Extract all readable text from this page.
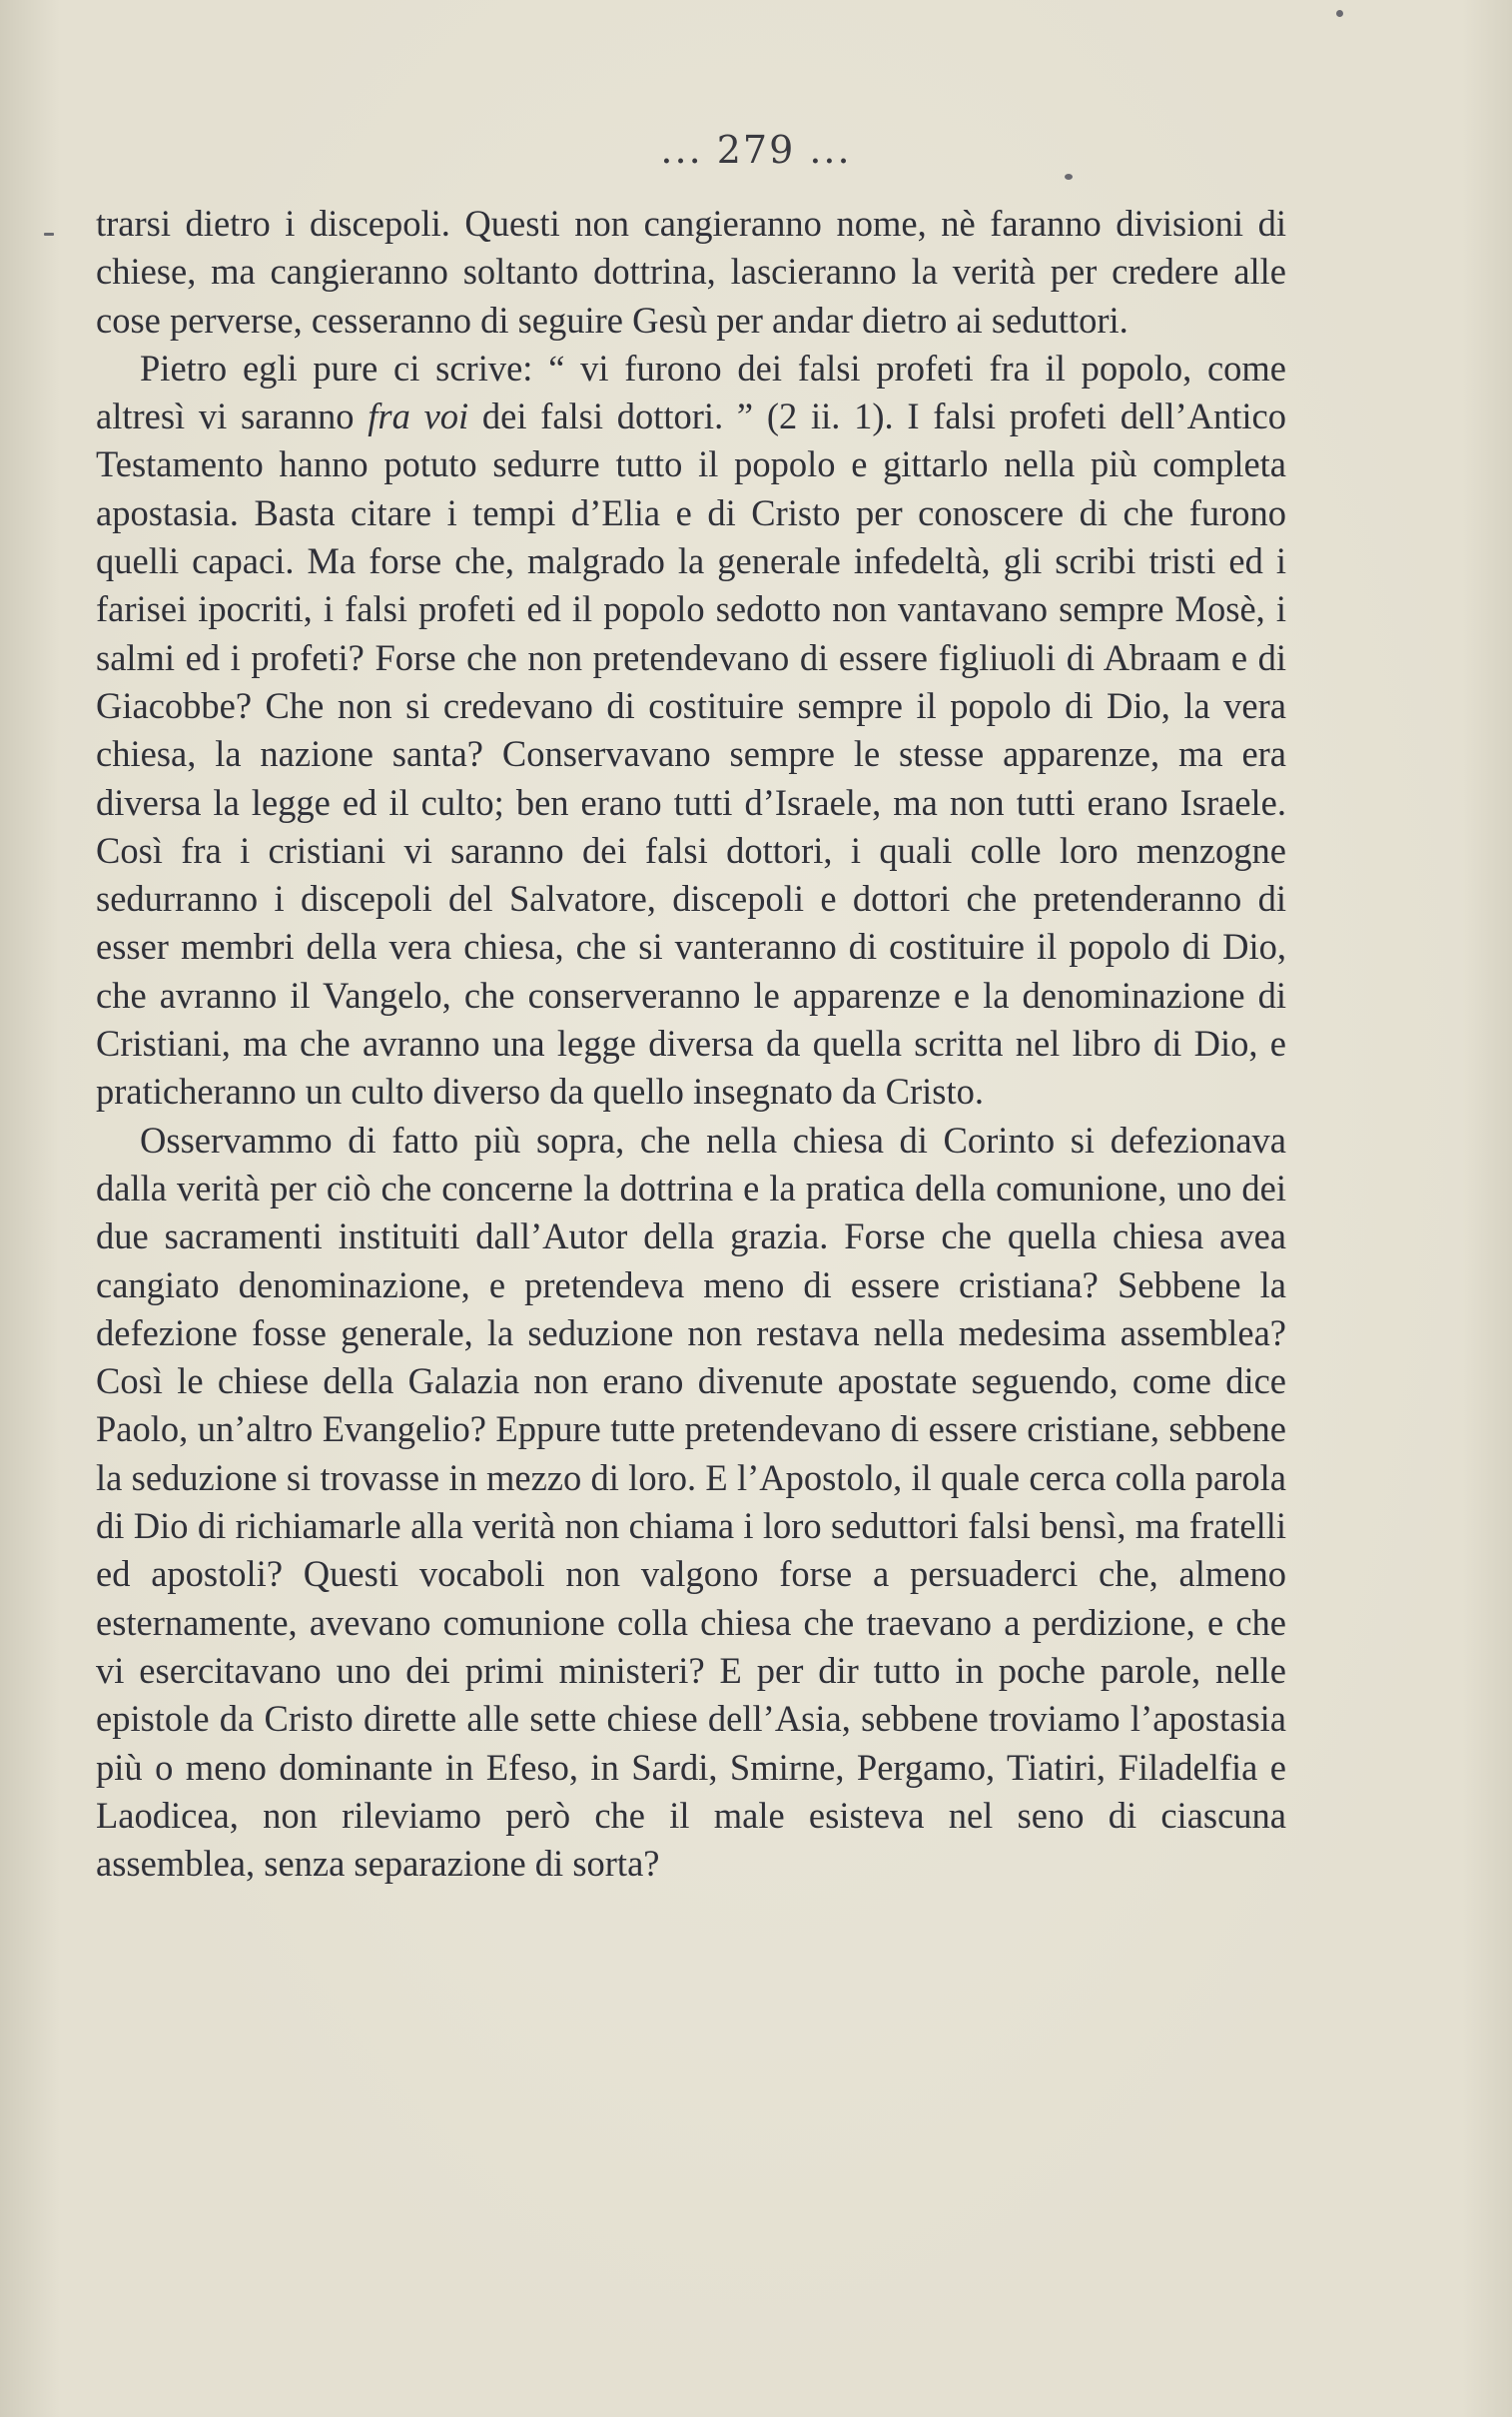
... 279 ...

trarsi dietro i discepoli. Questi non cangieranno nome, nè faranno divisioni di chiese, ma cangieranno soltanto dottrina, lascieranno la verità per credere alle cose perverse, cesseranno di seguire Gesù per andar dietro ai seduttori.

Pietro egli pure ci scrive: “ vi furono dei falsi profeti fra il popolo, come altresì vi saranno fra voi dei falsi dottori. ” (2 ii. 1). I falsi profeti dell’Antico Testamento hanno potuto sedurre tutto il popolo e gittarlo nella più completa apostasia. Basta citare i tempi d’Elia e di Cristo per conoscere di che furono quelli capaci. Ma forse che, malgrado la generale infedeltà, gli scribi tristi ed i farisei ipocriti, i falsi profeti ed il popolo sedotto non vantavano sempre Mosè, i salmi ed i profeti? Forse che non pretendevano di essere figliuoli di Abraam e di Giacobbe? Che non si credevano di costituire sempre il popolo di Dio, la vera chiesa, la nazione santa? Conservavano sempre le stesse apparenze, ma era diversa la legge ed il culto; ben erano tutti d’Israele, ma non tutti erano Israele. Così fra i cristiani vi saranno dei falsi dottori, i quali colle loro menzogne sedurranno i discepoli del Salvatore, discepoli e dottori che pretenderanno di esser membri della vera chiesa, che si vanteranno di costituire il popolo di Dio, che avranno il Vangelo, che conserveranno le apparenze e la denominazione di Cristiani, ma che avranno una legge diversa da quella scritta nel libro di Dio, e praticheranno un culto diverso da quello insegnato da Cristo.

Osservammo di fatto più sopra, che nella chiesa di Corinto si defezionava dalla verità per ciò che concerne la dottrina e la pratica della comunione, uno dei due sacramenti instituiti dall’Autor della grazia. Forse che quella chiesa avea cangiato denominazione, e pretendeva meno di essere cristiana? Sebbene la defezione fosse generale, la seduzione non restava nella medesima assemblea? Così le chiese della Galazia non erano divenute apostate seguendo, come dice Paolo, un’altro Evangelio? Eppure tutte pretendevano di essere cristiane, sebbene la seduzione si trovasse in mezzo di loro. E l’Apostolo, il quale cerca colla parola di Dio di richiamarle alla verità non chiama i loro seduttori falsi bensì, ma fratelli ed apostoli? Questi vocaboli non valgono forse a persuaderci che, almeno esternamente, avevano comunione colla chiesa che traevano a perdizione, e che vi esercitavano uno dei primi ministeri? E per dir tutto in poche parole, nelle epistole da Cristo dirette alle sette chiese dell’Asia, sebbene troviamo l’apostasia più o meno dominante in Efeso, in Sardi, Smirne, Pergamo, Tiatiri, Filadelfia e Laodicea, non rileviamo però che il male esisteva nel seno di ciascuna assemblea, senza separazione di sorta?
